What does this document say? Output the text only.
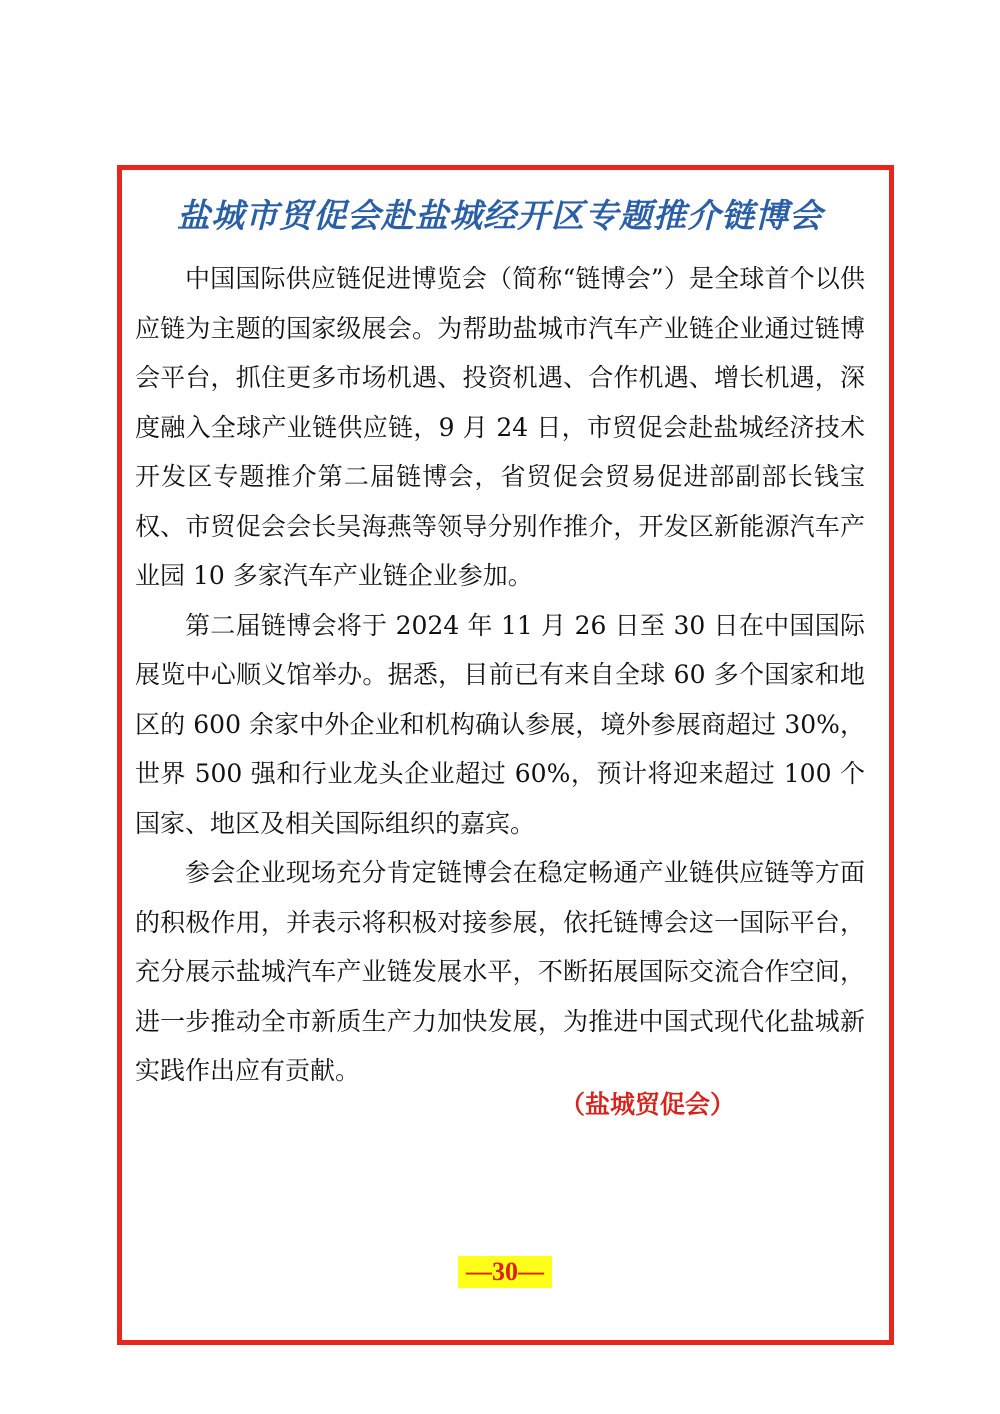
盐城市贸促会赴盐城经开区专题推介链博会

中国国际供应链促进博览会（简称“链博会”）是全球首个以供应链为主题的国家级展会。为帮助盐城市汽车产业链企业通过链博会平台，抓住更多市场机遇、投资机遇、合作机遇、增长机遇，深度融入全球产业链供应链，9 月 24 日，市贸促会赴盐城经济技术开发区专题推介第二届链博会，省贸促会贸易促进部副部长钱宝权、市贸促会会长吴海燕等领导分别作推介，开发区新能源汽车产业园 10 多家汽车产业链企业参加。

第二届链博会将于 2024 年 11 月 26 日至 30 日在中国国际展览中心顺义馆举办。据悉，目前已有来自全球 60 多个国家和地区的 600 余家中外企业和机构确认参展，境外参展商超过 30%，世界 500 强和行业龙头企业超过 60%，预计将迎来超过 100 个国家、地区及相关国际组织的嘉宾。

参会企业现场充分肯定链博会在稳定畅通产业链供应链等方面的积极作用，并表示将积极对接参展，依托链博会这一国际平台，充分展示盐城汽车产业链发展水平，不断拓展国际交流合作空间，进一步推动全市新质生产力加快发展，为推进中国式现代化盐城新实践作出应有贡献。

（盐城贸促会）
—30—
